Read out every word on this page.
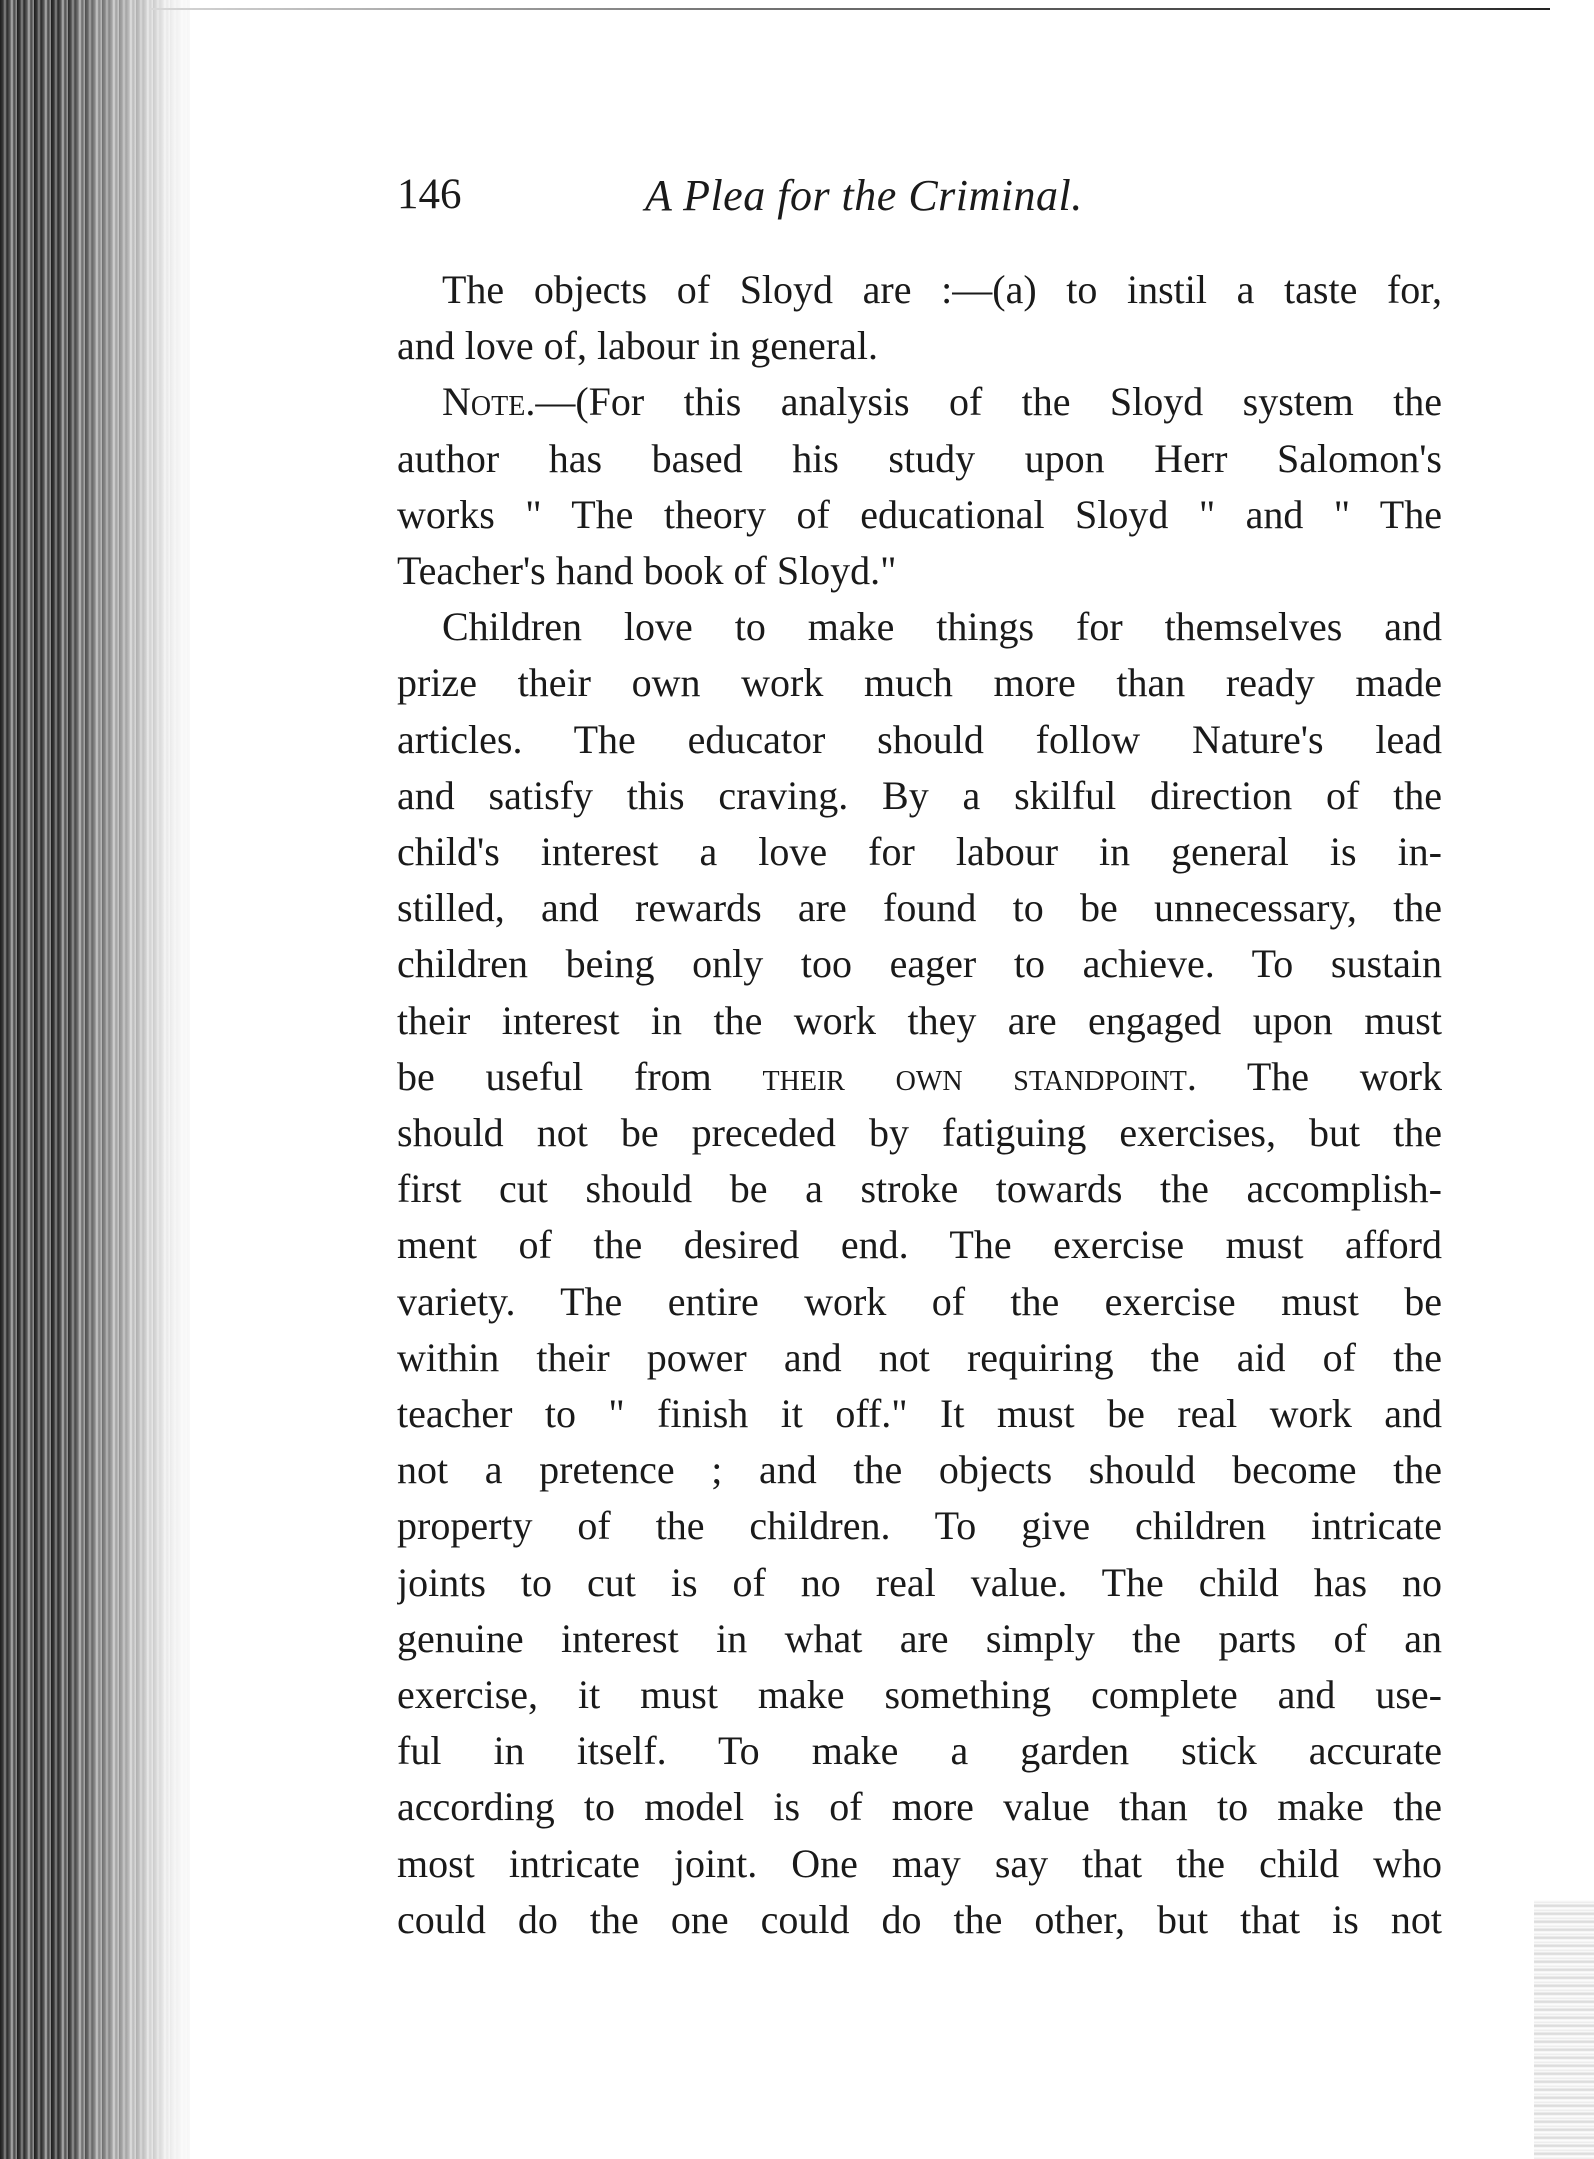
146	A Plea for the Criminal.

The objects of Sloyd are :—(a) to instil a taste for,
and love of, labour in general.

Note.—(For this analysis of the Sloyd system the
author has based his study upon Herr Salomon's
works " The theory of educational Sloyd " and " The
Teacher's hand book of Sloyd."

Children love to make things for themselves and
prize their own work much more than ready made
articles. The educator should follow Nature's lead
and satisfy this craving. By a skilful direction of the
child's interest a love for labour in general is in-
stilled, and rewards are found to be unnecessary, the
children being only too eager to achieve. To sustain
their interest in the work they are engaged upon must
be useful from their own standpoint. The work
should not be preceded by fatiguing exercises, but the
first cut should be a stroke towards the accomplish-
ment of the desired end. The exercise must afford
variety. The entire work of the exercise must be
within their power and not requiring the aid of the
teacher to " finish it off." It must be real work and
not a pretence ; and the objects should become the
property of the children. To give children intricate
joints to cut is of no real value. The child has no
genuine interest in what are simply the parts of an
exercise, it must make something complete and use-
ful in itself. To make a garden stick accurate
according to model is of more value than to make the
most intricate joint. One may say that the child who
could do the one could do the other, but that is not
